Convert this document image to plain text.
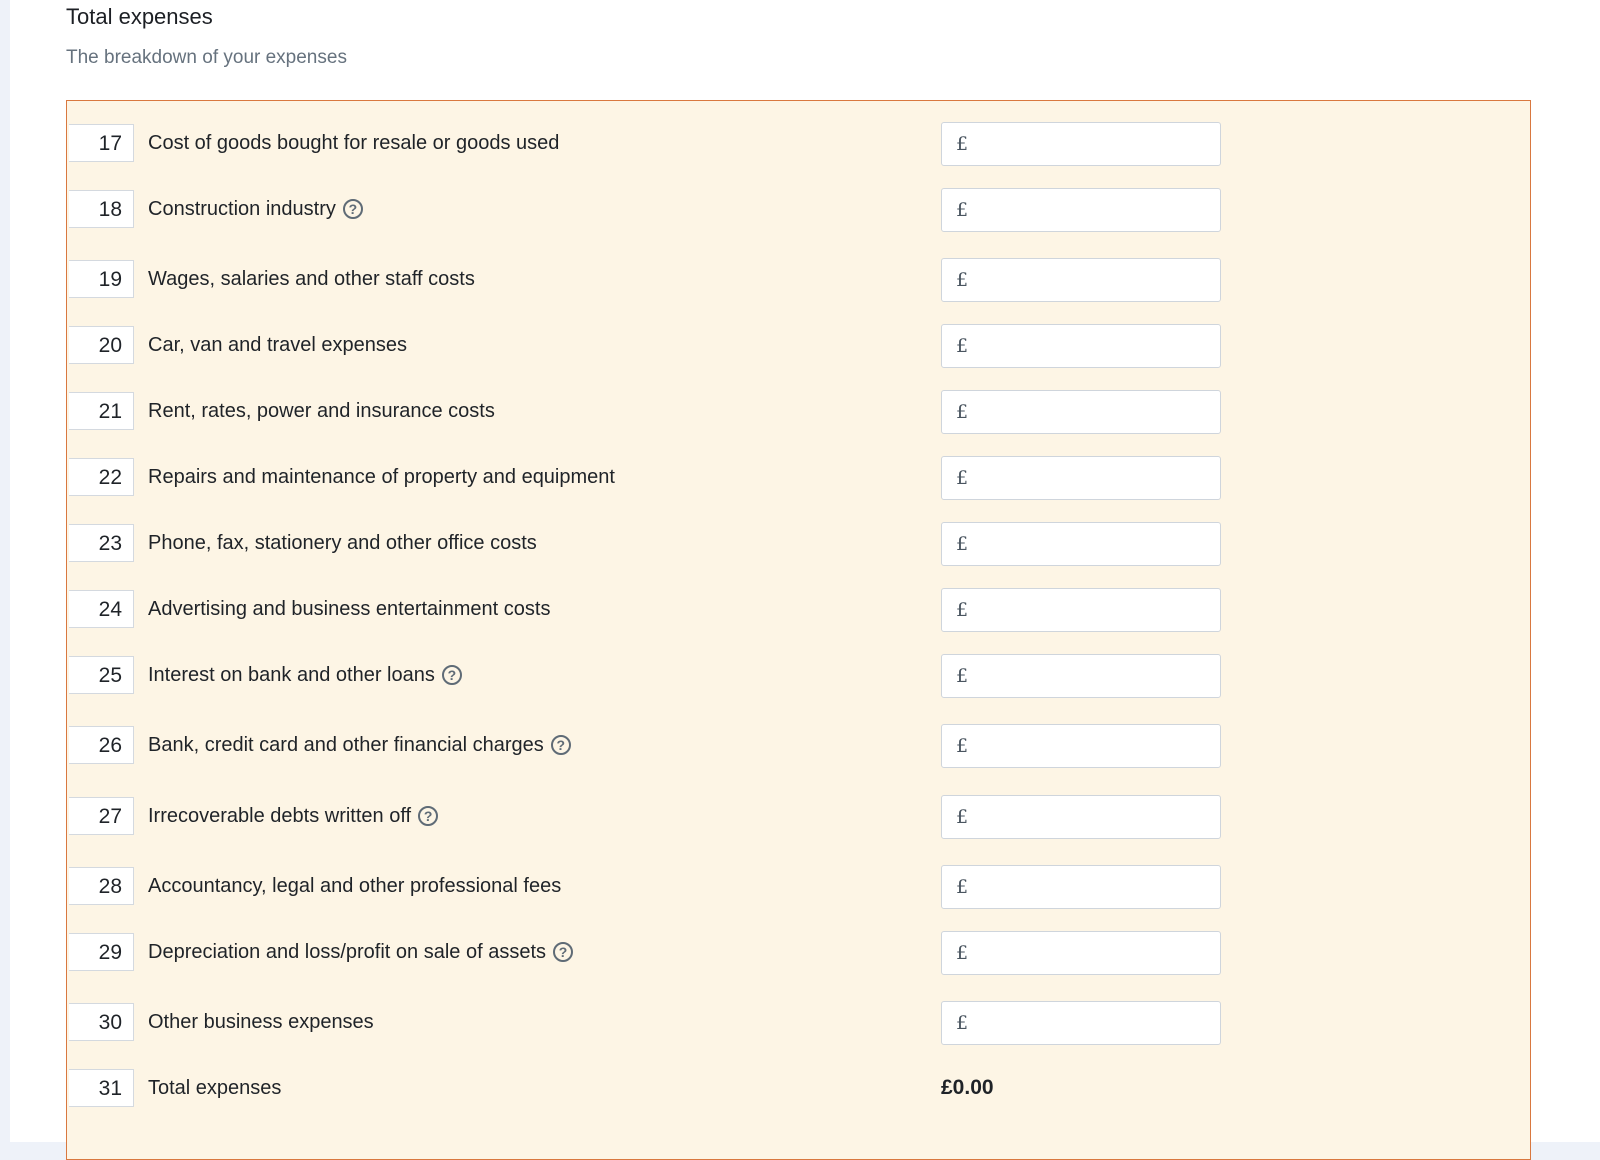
Total expenses
The breakdown of your expenses
17	Cost of goods bought for resale or goods used	£
18	Construction industry ?	£
19	Wages, salaries and other staff costs	£
20	Car, van and travel expenses	£
21	Rent, rates, power and insurance costs	£
22	Repairs and maintenance of property and equipment	£
23	Phone, fax, stationery and other office costs	£
24	Advertising and business entertainment costs	£
25	Interest on bank and other loans ?	£
26	Bank, credit card and other financial charges ?	£
27	Irrecoverable debts written off ?	£
28	Accountancy, legal and other professional fees	£
29	Depreciation and loss/profit on sale of assets ?	£
30	Other business expenses	£
31	Total expenses	£0.00
